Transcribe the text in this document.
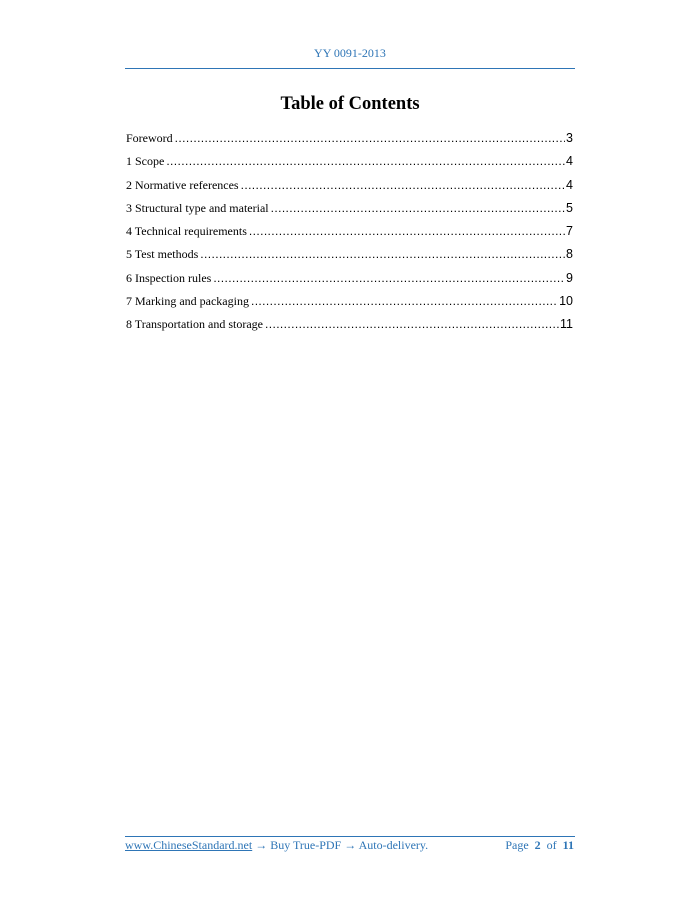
YY 0091-2013
Table of Contents
Foreword .....	3
1 Scope .....	4
2 Normative references .....	4
3 Structural type and material .....	5
4 Technical requirements .....	7
5 Test methods .....	8
6 Inspection rules .....	9
7 Marking and packaging .....	10
8 Transportation and storage .....	11
www.ChineseStandard.net → Buy True-PDF → Auto-delivery.	Page 2 of 11
